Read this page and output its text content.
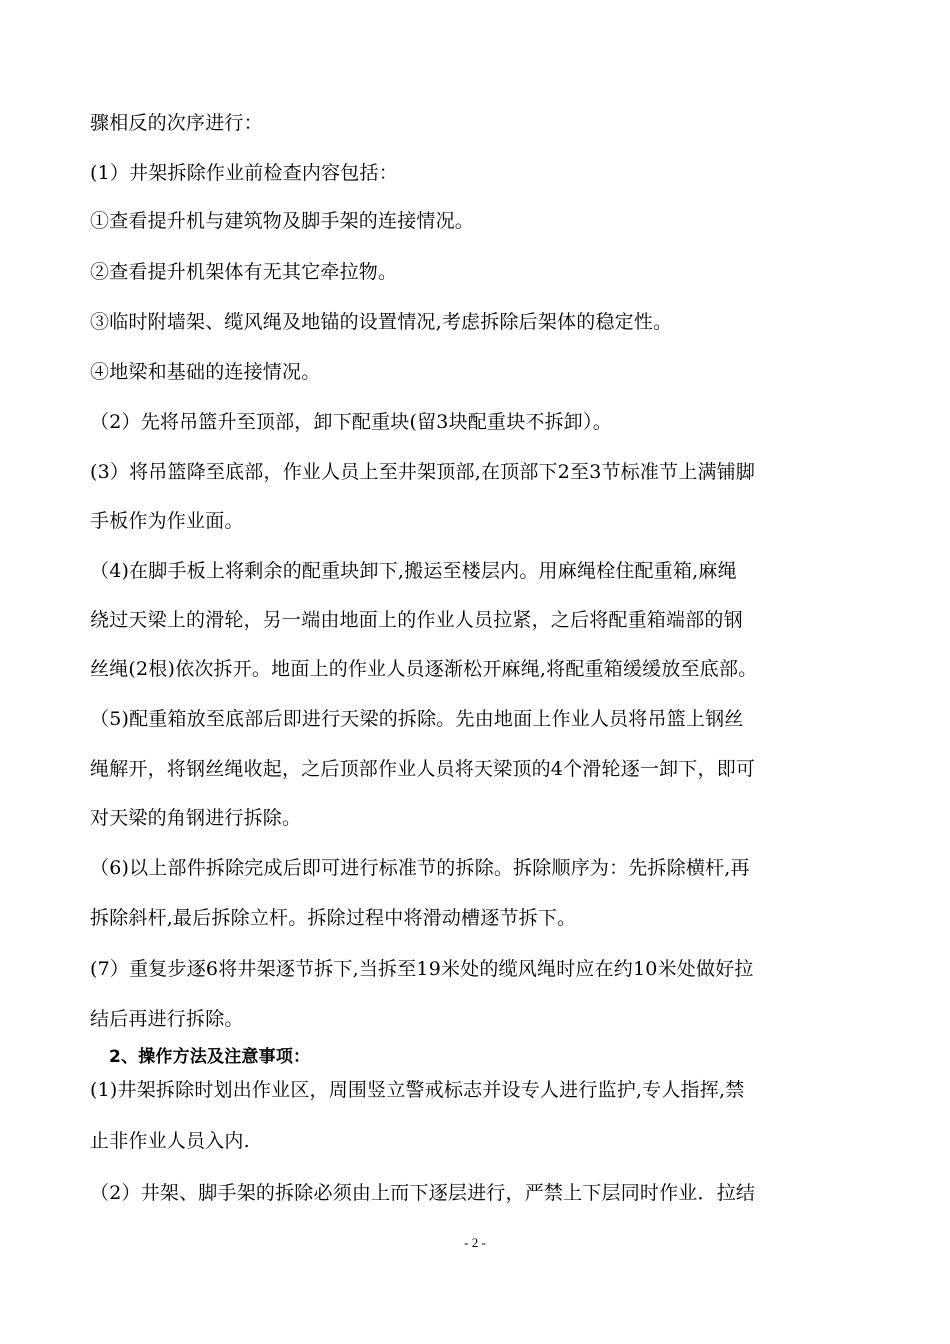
骤相反的次序进行：
(1）井架拆除作业前检查内容包括：
①查看提升机与建筑物及脚手架的连接情况。
②查看提升机架体有无其它牵拉物。
③临时附墙架、缆风绳及地锚的设置情况,考虑拆除后架体的稳定性。
④地梁和基础的连接情况。
（2）先将吊篮升至顶部，卸下配重块(留3块配重块不拆卸）。
(3）将吊篮降至底部，作业人员上至井架顶部,在顶部下2至3节标准节上满铺脚
手板作为作业面。
（4)在脚手板上将剩余的配重块卸下,搬运至楼层内。用麻绳栓住配重箱,麻绳
绕过天梁上的滑轮，另一端由地面上的作业人员拉紧，之后将配重箱端部的钢
丝绳(2根)依次拆开。地面上的作业人员逐渐松开麻绳,将配重箱缓缓放至底部。
（5)配重箱放至底部后即进行天梁的拆除。先由地面上作业人员将吊篮上钢丝
绳解开，将钢丝绳收起，之后顶部作业人员将天梁顶的4个滑轮逐一卸下，即可
对天梁的角钢进行拆除。
（6)以上部件拆除完成后即可进行标准节的拆除。拆除顺序为：先拆除横杆,再
拆除斜杆,最后拆除立杆。拆除过程中将滑动槽逐节拆下。
(7）重复步逐6将井架逐节拆下,当拆至19米处的缆风绳时应在约10米处做好拉
结后再进行拆除。
2、操作方法及注意事项：
(1)井架拆除时划出作业区，周围竖立警戒标志并设专人进行监护,专人指挥,禁
止非作业人员入内.
（2）井架、脚手架的拆除必须由上而下逐层进行，严禁上下层同时作业．拉结
- 2 -
